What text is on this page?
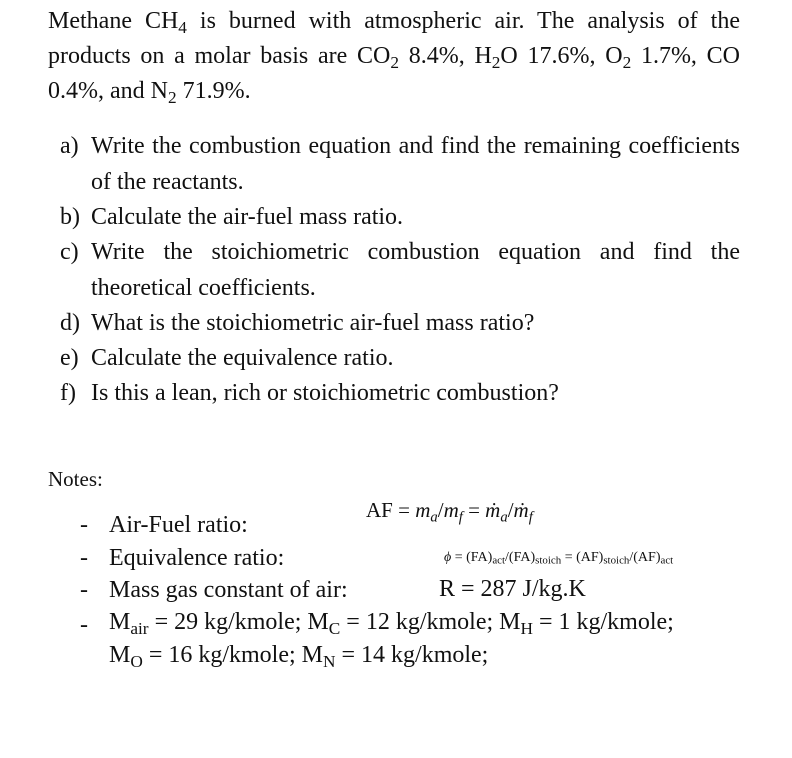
Methane $CH_4$ is burned with atmospheric air. The analysis of the products on a molar basis are $CO_2$ 8.4%, $H_2O$ 17.6%, $O_2$ 1.7%, CO 0.4%, and $N_2$ 71.9%.
a) Write the combustion equation and find the remaining coefficients of the reactants.
b) Calculate the air-fuel mass ratio.
c) Write the stoichiometric combustion equation and find the theoretical coefficients.
d) What is the stoichiometric air-fuel mass ratio?
e) Calculate the equivalence ratio.
f) Is this a lean, rich or stoichiometric combustion?
Notes:
- Air-Fuel ratio:
AF = $m_a/m_f$ = ṁ$_a$/ṁ$_f$
- Equivalence ratio:	$\phi = (FA)_{act}/(FA)_{stoich} = (AF)_{stoich}/(AF)_{act}$
- Mass gas constant of air:	R = 287 J/kg.K
- $M_{air} = 29$ kg/kmole; $M_C = 12$ kg/kmole; $M_H = 1$ kg/kmole;
$M_O = 16$ kg/kmole; $M_N = 14$ kg/kmole;
